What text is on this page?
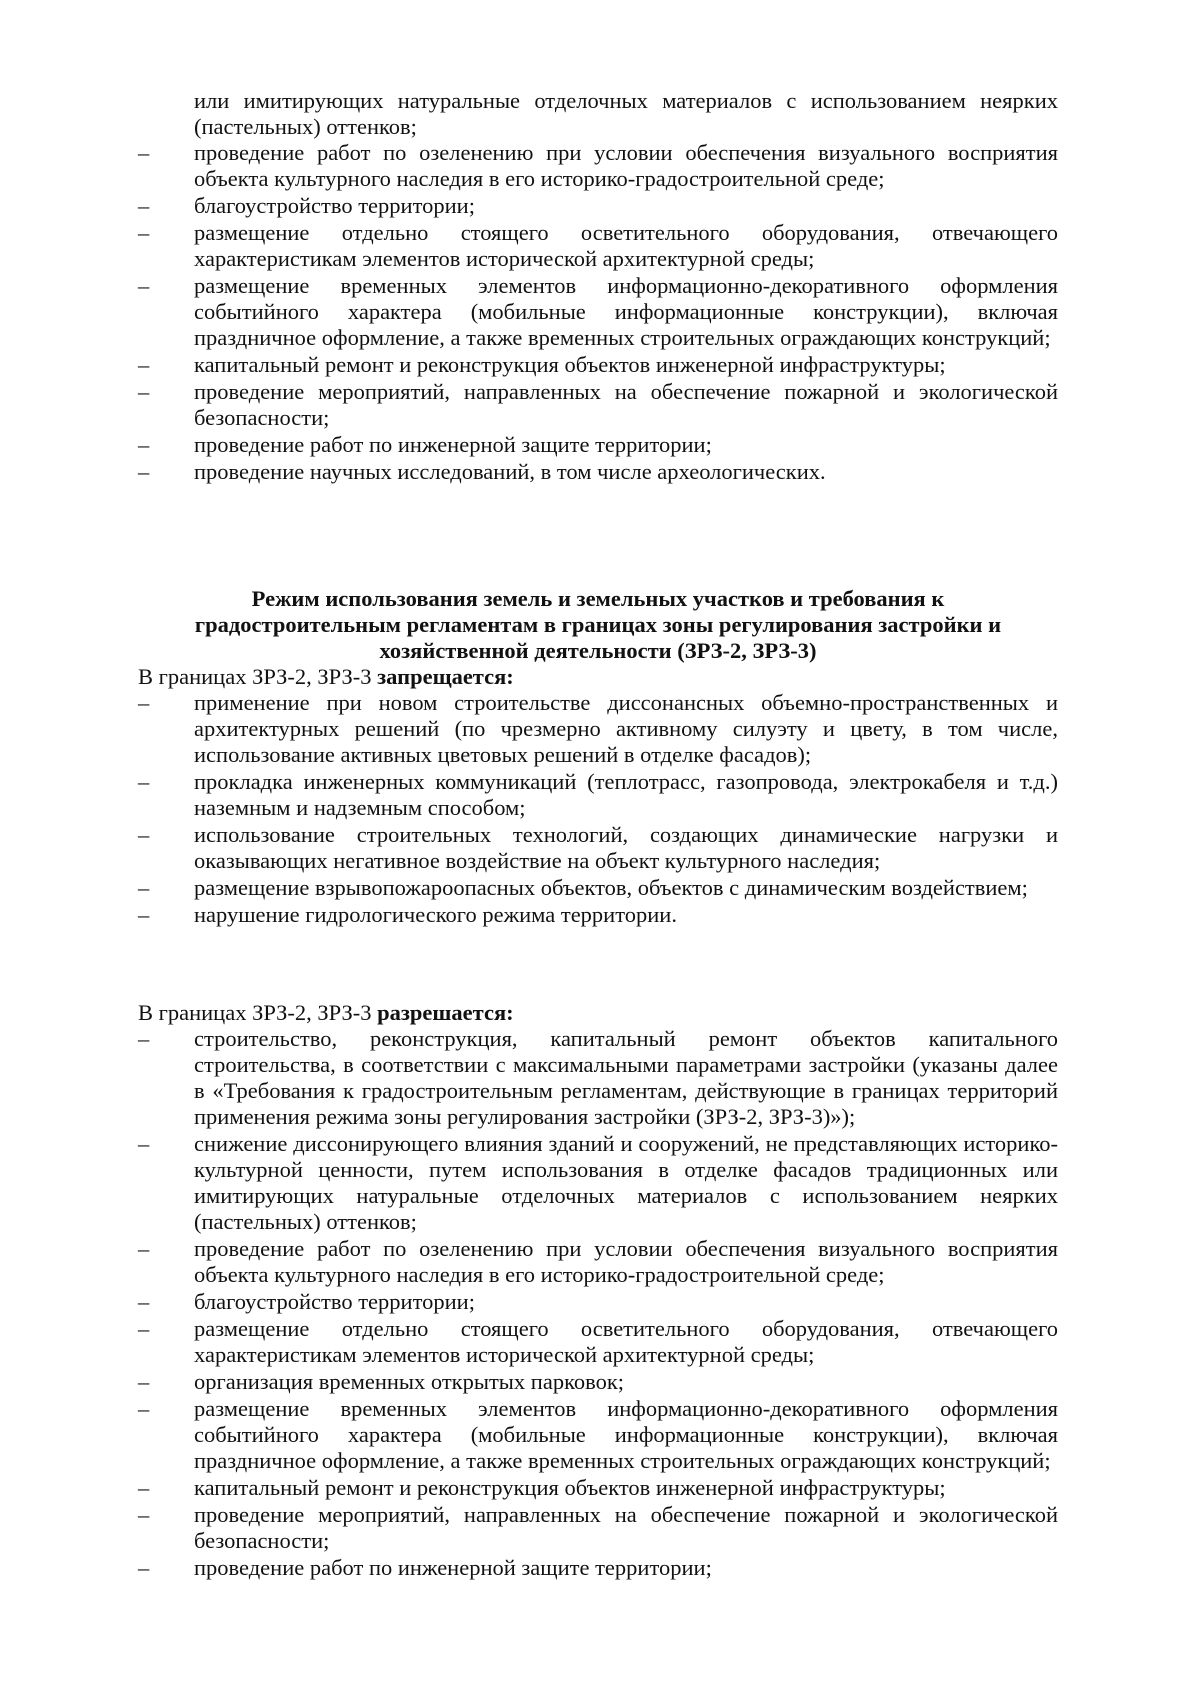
или имитирующих натуральные отделочных материалов с использованием неярких (пастельных) оттенков;
–	проведение работ по озеленению при условии обеспечения визуального восприятия объекта культурного наследия в его историко-градостроительной среде;
–	благоустройство территории;
–	размещение отдельно стоящего осветительного оборудования, отвечающего характеристикам элементов исторической архитектурной среды;
–	размещение временных элементов информационно-декоративного оформления событийного характера (мобильные информационные конструкции), включая праздничное оформление, а также временных строительных ограждающих конструкций;
–	капитальный ремонт и реконструкция объектов инженерной инфраструктуры;
–	проведение мероприятий, направленных на обеспечение пожарной и экологической безопасности;
–	проведение работ по инженерной защите территории;
–	проведение научных исследований, в том числе археологических.
Режим использования земель и земельных участков и требования к
градостроительным регламентам в границах зоны регулирования застройки и
хозяйственной деятельности (ЗРЗ-2, ЗРЗ-3)
В границах ЗРЗ-2, ЗРЗ-3 запрещается:
–	применение при новом строительстве диссонансных объемно-пространственных и архитектурных решений (по чрезмерно активному силуэту и цвету, в том числе, использование активных цветовых решений в отделке фасадов);
–	прокладка инженерных коммуникаций (теплотрасс, газопровода, электрокабеля и т.д.) наземным и надземным способом;
–	использование строительных технологий, создающих динамические нагрузки и оказывающих негативное воздействие на объект культурного наследия;
–	размещение взрывопожароопасных объектов, объектов с динамическим воздействием;
–	нарушение гидрологического режима территории.
В границах ЗРЗ-2, ЗРЗ-3 разрешается:
–	строительство, реконструкция, капитальный ремонт объектов капитального строительства, в соответствии с максимальными параметрами застройки (указаны далее в «Требования к градостроительным регламентам, действующие в границах территорий применения режима зоны регулирования застройки (ЗРЗ-2, ЗРЗ-3)»);
–	снижение диссонирующего влияния зданий и сооружений, не представляющих историко-культурной ценности, путем использования в отделке фасадов традиционных или имитирующих натуральные отделочных материалов с использованием неярких (пастельных) оттенков;
–	проведение работ по озеленению при условии обеспечения визуального восприятия объекта культурного наследия в его историко-градостроительной среде;
–	благоустройство территории;
–	размещение отдельно стоящего осветительного оборудования, отвечающего характеристикам элементов исторической архитектурной среды;
–	организация временных открытых парковок;
–	размещение временных элементов информационно-декоративного оформления событийного характера (мобильные информационные конструкции), включая праздничное оформление, а также временных строительных ограждающих конструкций;
–	капитальный ремонт и реконструкция объектов инженерной инфраструктуры;
–	проведение мероприятий, направленных на обеспечение пожарной и экологической безопасности;
–	проведение работ по инженерной защите территории;
